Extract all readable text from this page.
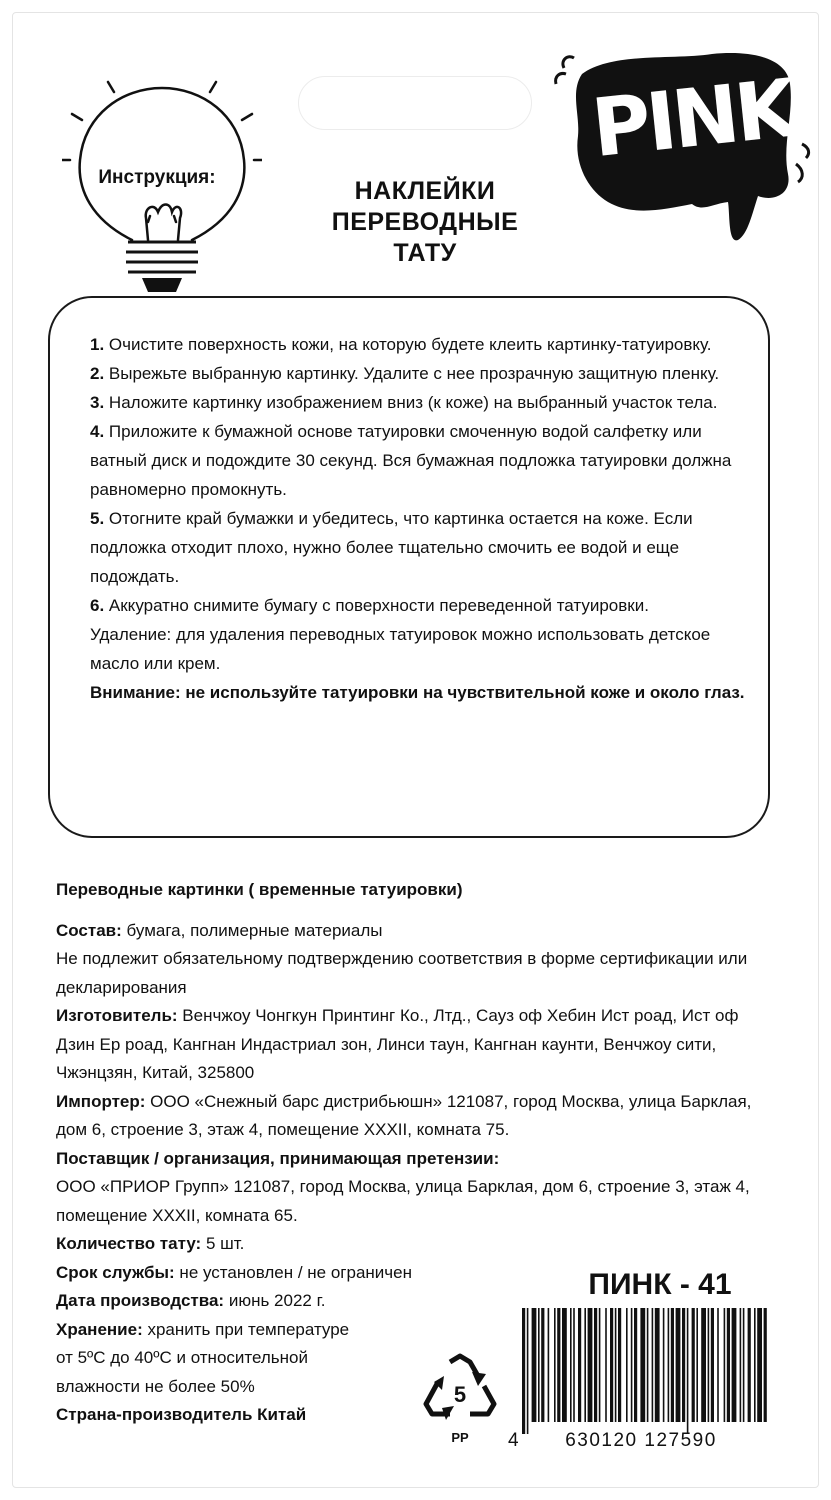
Инструкция:
PINK
НАКЛЕЙКИ
ПЕРЕВОДНЫЕ
ТАТУ

1. Очистите поверхность кожи, на которую будете клеить картинку-татуировку.

2. Вырежьте выбранную картинку. Удалите с нее прозрачную защитную пленку.

3. Наложите картинку изображением вниз (к коже) на выбранный участок тела.

4. Приложите к бумажной основе татуировки смоченную водой салфетку или ватный диск и подождите 30 секунд. Вся бумажная подложка татуировки должна равномерно промокнуть.

5. Отогните край бумажки и убедитесь, что картинка остается на коже. Если подложка отходит плохо, нужно более тщательно смочить ее водой и еще подождать.

6. Аккуратно снимите бумагу с поверхности переведенной татуировки.

Удаление: для удаления переводных татуировок можно использовать детское масло или крем.

Внимание: не используйте татуировки на чувствительной коже и около глаз.

Переводные картинки ( временные татуировки)

Состав: бумага, полимерные материалы

Не подлежит обязательному подтверждению соответствия в форме сертификации или декларирования

Изготовитель: Венчжоу Чонгкун Принтинг Ко., Лтд., Сауз оф Хебин Ист роад, Ист оф Дзин Ер роад, Кангнан Индастриал зон, Линси таун, Кангнан каунти, Венчжоу сити, Чжэнцзян, Китай, 325800

Импортер: ООО «Снежный барс дистрибьюшн» 121087, город Москва, улица Барклая, дом 6, строение 3, этаж 4, помещение XXXII, комната 75.

Поставщик / организация, принимающая претензии:

ООО «ПРИОР Групп» 121087, город Москва, улица Барклая, дом 6, строение 3, этаж 4, помещение XXXII, комната 65.

Количество тату: 5 шт.

Срок службы: не установлен / не ограничен

Дата производства: июнь 2022 г.

Хранение: хранить при температуре

от 5ºС до 40ºС и относительной

влажности не более 50%

Страна-производитель Китай

ПИНК - 41
5
PP 4	630120 127590
